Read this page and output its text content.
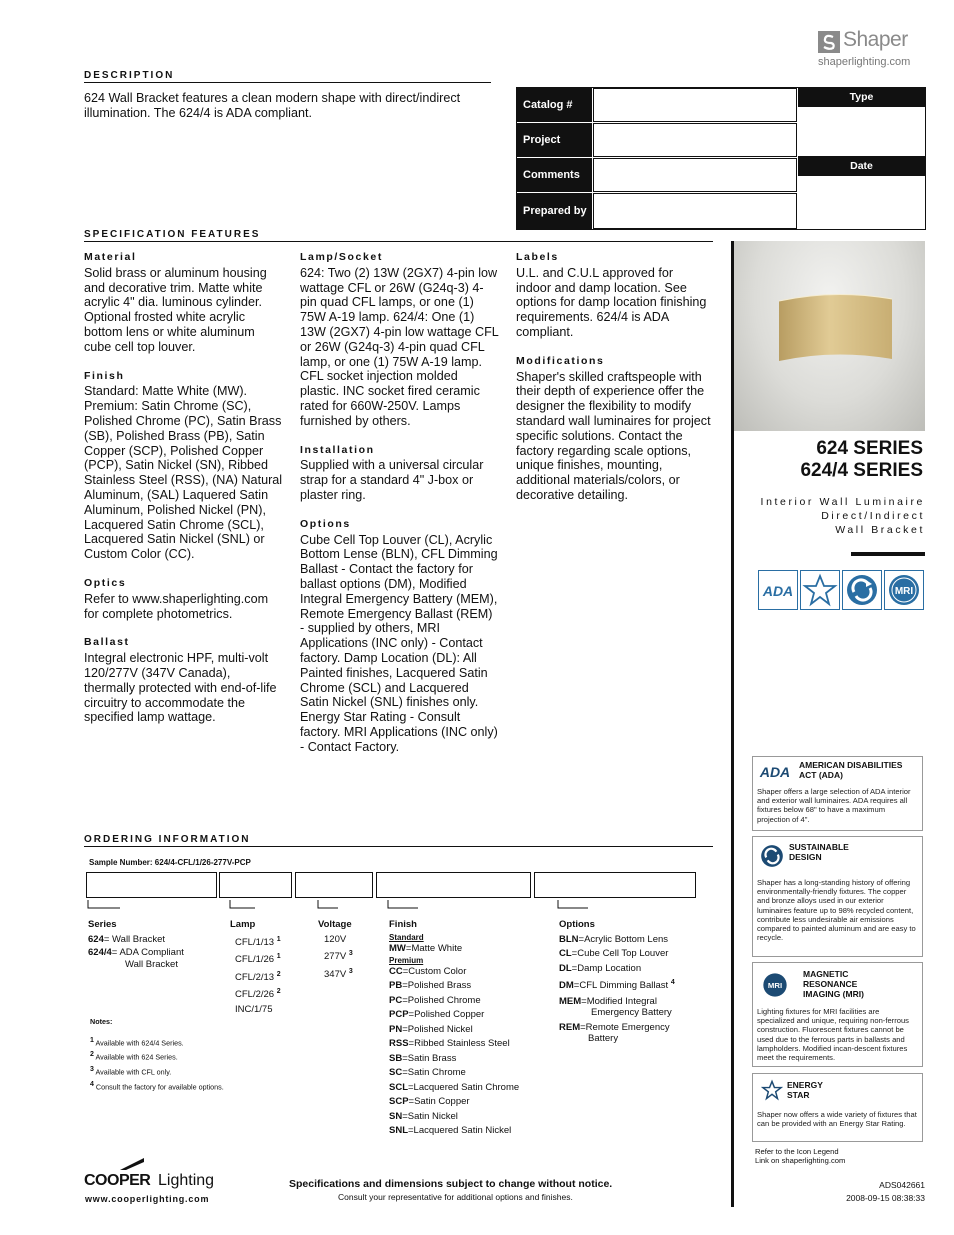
Shaper
shaperlighting.com
DESCRIPTION
624 Wall Bracket features a clean modern shape with direct/indirect illumination. The 624/4 is ADA compliant.
Catalog #
Project
Comments
Prepared by
Type
Date
SPECIFICATION FEATURES
Material
Solid brass or aluminum housing and decorative trim. Matte white acrylic 4" dia. luminous cylinder. Optional frosted white acrylic bottom lens or white aluminum cube cell top louver.
Finish
Standard: Matte White (MW). Premium: Satin Chrome (SC), Polished Chrome (PC), Satin Brass (SB), Polished Brass (PB), Satin Copper (SCP), Polished Copper (PCP), Satin Nickel (SN), Ribbed Stainless Steel (RSS), (NA) Natural Aluminum, (SAL) Laquered Satin Aluminum, Polished Nickel (PN), Lacquered Satin Chrome (SCL), Lacquered Satin Nickel (SNL) or Custom Color (CC).
Optics
Refer to www.shaperlighting.com for complete photometrics.
Ballast
Integral electronic HPF, multi-volt 120/277V (347V Canada), thermally protected with end-of-life circuitry to accommodate the specified lamp wattage.
Lamp/Socket
624: Two (2) 13W (2GX7) 4-pin low wattage CFL or 26W (G24q-3) 4-pin quad CFL lamps, or one (1) 75W A-19 lamp. 624/4: One (1) 13W (2GX7) 4-pin low wattage CFL or 26W (G24q-3) 4-pin quad CFL lamp, or one (1) 75W A-19 lamp. CFL socket injection molded plastic. INC socket fired ceramic rated for 660W-250V. Lamps furnished by others.
Installation
Supplied with a universal circular strap for a standard 4" J-box or plaster ring.
Options
Cube Cell Top Louver (CL), Acrylic Bottom Lense (BLN), CFL Dimming Ballast - Contact the factory for ballast options (DM), Modified Integral Emergency Battery (MEM), Remote Emergency Ballast (REM) - supplied by others, MRI Applications (INC only) - Contact factory. Damp Location (DL): All Painted finishes, Lacquered Satin Chrome (SCL) and Lacquered Satin Nickel (SNL) finishes only. Energy Star Rating - Consult factory. MRI Applications (INC only) - Contact Factory.
Labels
U.L. and C.U.L approved for indoor and damp location. See options for damp location finishing requirements. 624/4 is ADA compliant.
Modifications
Shaper's skilled craftspeople with their depth of experience offer the designer the flexibility to modify standard wall luminaires for project specific solutions. Contact the factory regarding scale options, unique finishes, mounting, additional materials/colors, or decorative detailing.
624 SERIES
624/4 SERIES
Interior Wall Luminaire
Direct/Indirect
Wall Bracket
ADA	MRI
ADA AMERICAN DISABILITIES ACT (ADA)
Shaper offers a large selection of ADA interior and exterior wall luminaires. ADA requires all fixtures below 68" to have a maximum projection of 4".
SUSTAINABLE DESIGN
Shaper has a long-standing history of offering environmentally-friendly fixtures. The copper and bronze alloys used in our exterior luminaires feature up to 98% recycled content, contribute less undesirable air emissions compared to painted aluminum and are easy to recycle.
MRI
MAGNETIC RESONANCE IMAGING (MRI)
Lighting fixtures for MRI facilities are specialized and unique, requiring non-ferrous construction. Fluorescent fixtures cannot be used due to the ferrous parts in ballasts and lampholders. Modified incan-descent fixtures meet the requirements.
ENERGY STAR
Shaper now offers a wide variety of fixtures that can be provided with an Energy Star Rating.
Refer to the Icon Legend
Link on shaperlighting.com
ORDERING INFORMATION
Sample Number: 624/4-CFL/1/26-277V-PCP
Series
624= Wall Bracket
624/4= ADA Compliant
Wall Bracket
Lamp
CFL/1/13 $^1$
CFL/1/26 $^1$
CFL/2/13 $^2$
CFL/2/26 $^2$
INC/1/75
Voltage
120V
277V $^3$
347V $^3$
Finish
Standard
MW=Matte White
Premium
CC=Custom Color
PB=Polished Brass
PC=Polished Chrome
PCP=Polished Copper
PN=Polished Nickel
RSS=Ribbed Stainless Steel
SB=Satin Brass
SC=Satin Chrome
SCL=Lacquered Satin Chrome
SCP=Satin Copper
SN=Satin Nickel
SNL=Lacquered Satin Nickel
Options
BLN=Acrylic Bottom Lens
CL=Cube Cell Top Louver
DL=Damp Location
DM=CFL Dimming Ballast $^4$
MEM=Modified Integral
Emergency Battery
REM=Remote Emergency
Battery
Notes:
1 Available with 624/4 Series.
2 Available with 624 Series.
3 Available with CFL only.
4 Consult the factory for available options.
COOPER Lighting
www.cooperlighting.com
Specifications and dimensions subject to change without notice.
Consult your representative for additional options and finishes.
ADS042661
2008-09-15 08:38:33
